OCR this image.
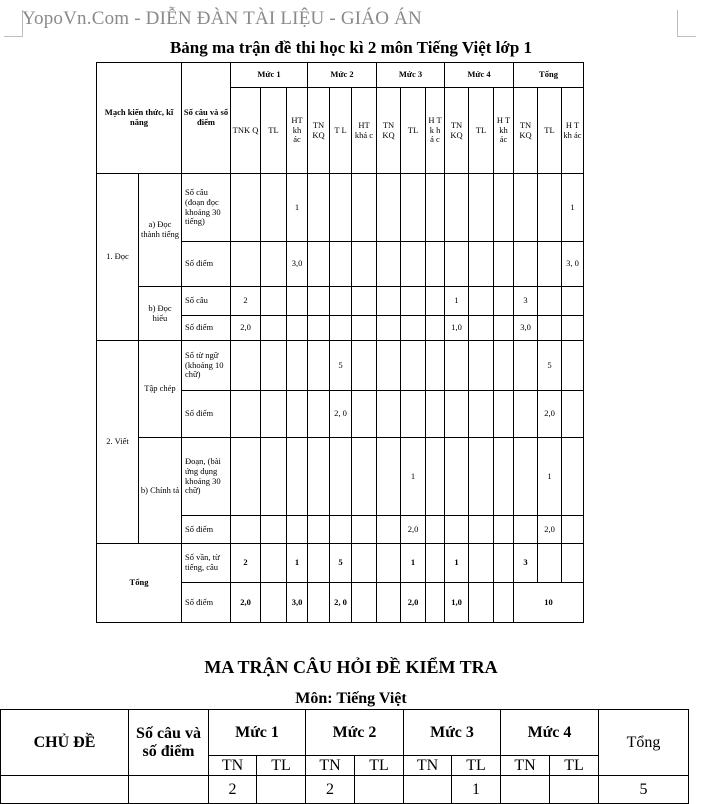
YopoVn.Com - DIỄN ĐÀN TÀI LIỆU - GIÁO ÁN
Bảng ma trận đề thi học kì 2 môn Tiếng Việt lớp 1
Mạch kiến thức, kĩ năng		Số câu và số điểm	Mức 1			Mức 2			Mức 3			Mức 4			Tổng		
			TNK Q	TL	HT kh ác	TN KQ	T L	HT khá c	TN KQ	TL	H T k h á c	TN KQ	TL	H T kh ác	TN KQ	TL	H T kh ác
1. Đọc	a) Đọc thành tiếng	Số câu (đoạn đọc khoảng 30 tiếng)			1												1
		Số điểm			3,0												3, 0
	b) Đọc hiểu	Số câu	2									1			3		
		Số điểm	2,0									1,0			3,0		
2. Viết	Tập chép	Số từ ngữ (khoảng 10 chữ)					5									5	
		Số điểm					2, 0									2,0	
	b) Chính tả	Đoạn, (bài ứng dụng khoảng 30 chữ)								1						1	
		Số điểm								2,0						2,0	
Tổng		Số vần, từ tiếng, câu	2		1		5			1		1			3		
		Số điểm	2,0		3,0		2, 0			2,0		1,0			10		
MA TRẬN CÂU HỎI ĐỀ KIỂM TRA
Môn: Tiếng Việt
CHỦ ĐỀ	Số câu và số điểm	Mức 1		Mức 2		Mức 3		Mức 4		Tổng
		TN	TL	TN	TL	TN	TL	TN	TL	
		2		2			1			5
